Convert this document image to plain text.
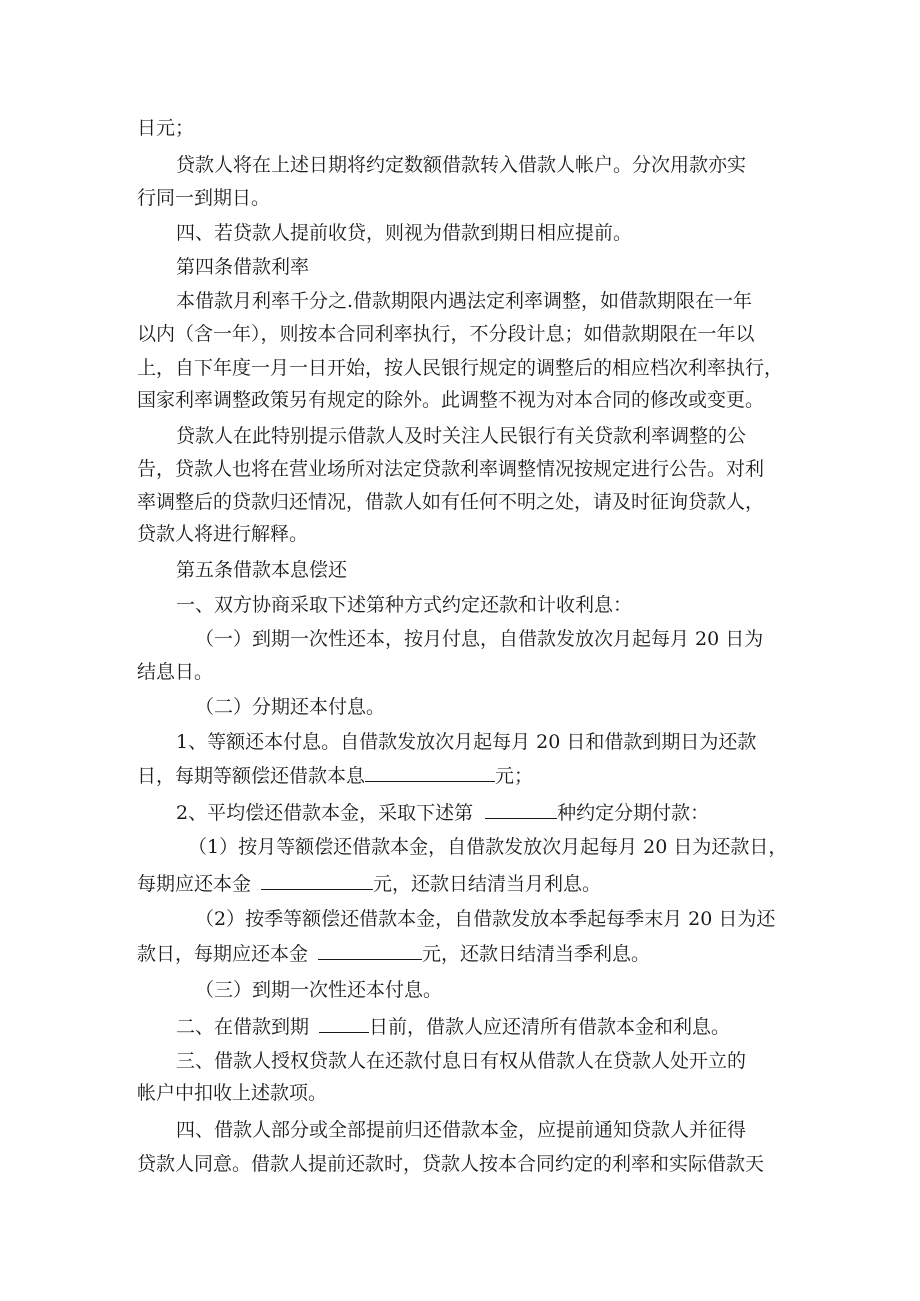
日元；
贷款人将在上述日期将约定数额借款转入借款人帐户。分次用款亦实
行同一到期日。
四、若贷款人提前收贷，则视为借款到期日相应提前。
第四条借款利率
本借款月利率千分之.借款期限内遇法定利率调整，如借款期限在一年
以内（含一年），则按本合同利率执行，不分段计息；如借款期限在一年以
上，自下年度一月一日开始，按人民银行规定的调整后的相应档次利率执行，
国家利率调整政策另有规定的除外。此调整不视为对本合同的修改或变更。
贷款人在此特别提示借款人及时关注人民银行有关贷款利率调整的公
告，贷款人也将在营业场所对法定贷款利率调整情况按规定进行公告。对利
率调整后的贷款归还情况，借款人如有任何不明之处，请及时征询贷款人，
贷款人将进行解释。
第五条借款本息偿还
一、双方协商采取下述第种方式约定还款和计收利息：
（一）到期一次性还本，按月付息，自借款发放次月起每月 20 日为
结息日。
（二）分期还本付息。
1、等额还本付息。自借款发放次月起每月 20 日和借款到期日为还款
日，每期等额偿还借款本息	元；
2、平均偿还借款本金，采取下述第	种约定分期付款：
（1）按月等额偿还借款本金，自借款发放次月起每月 20 日为还款日，
每期应还本金	元，还款日结清当月利息。
（2）按季等额偿还借款本金，自借款发放本季起每季末月 20 日为还
款日，每期应还本金	元，还款日结清当季利息。
（三）到期一次性还本付息。
二、在借款到期	日前，借款人应还清所有借款本金和利息。
三、借款人授权贷款人在还款付息日有权从借款人在贷款人处开立的
帐户中扣收上述款项。
四、借款人部分或全部提前归还借款本金，应提前通知贷款人并征得
贷款人同意。借款人提前还款时，贷款人按本合同约定的利率和实际借款天
